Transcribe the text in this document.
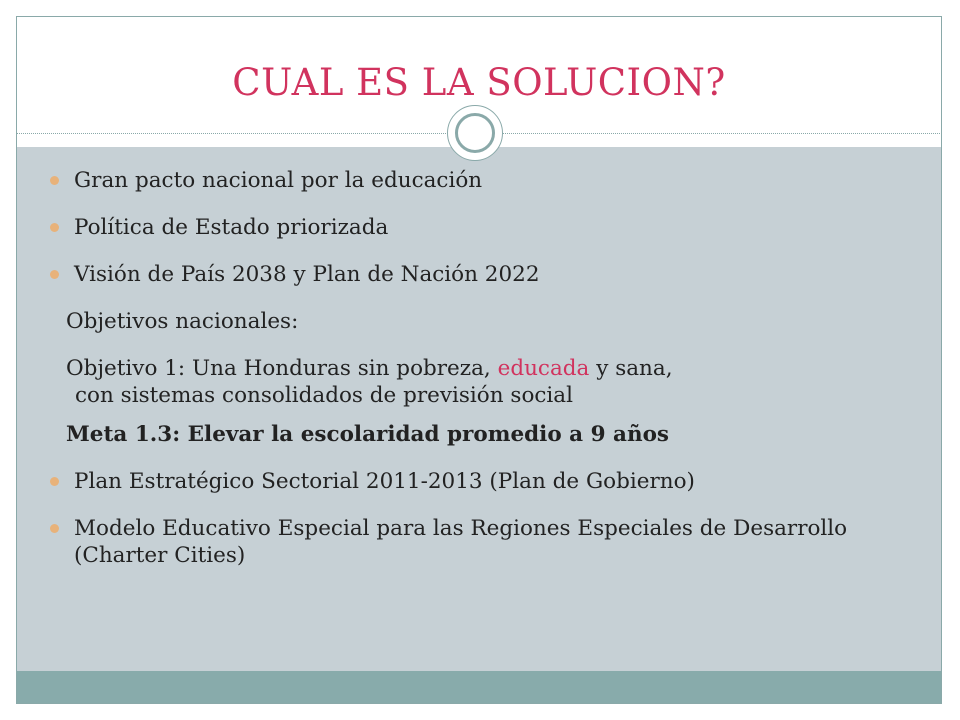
CUAL ES LA SOLUCION?
Gran pacto nacional por la educación
Política de Estado priorizada
Visión de País 2038 y Plan de Nación 2022
Objetivos nacionales:
Objetivo 1: Una Honduras sin pobreza, educada y sana,
con sistemas consolidados de previsión social
Meta 1.3: Elevar la escolaridad promedio a 9 años
Plan Estratégico Sectorial 2011-2013 (Plan de Gobierno)
Modelo Educativo Especial para las Regiones Especiales de Desarrollo (Charter Cities)
